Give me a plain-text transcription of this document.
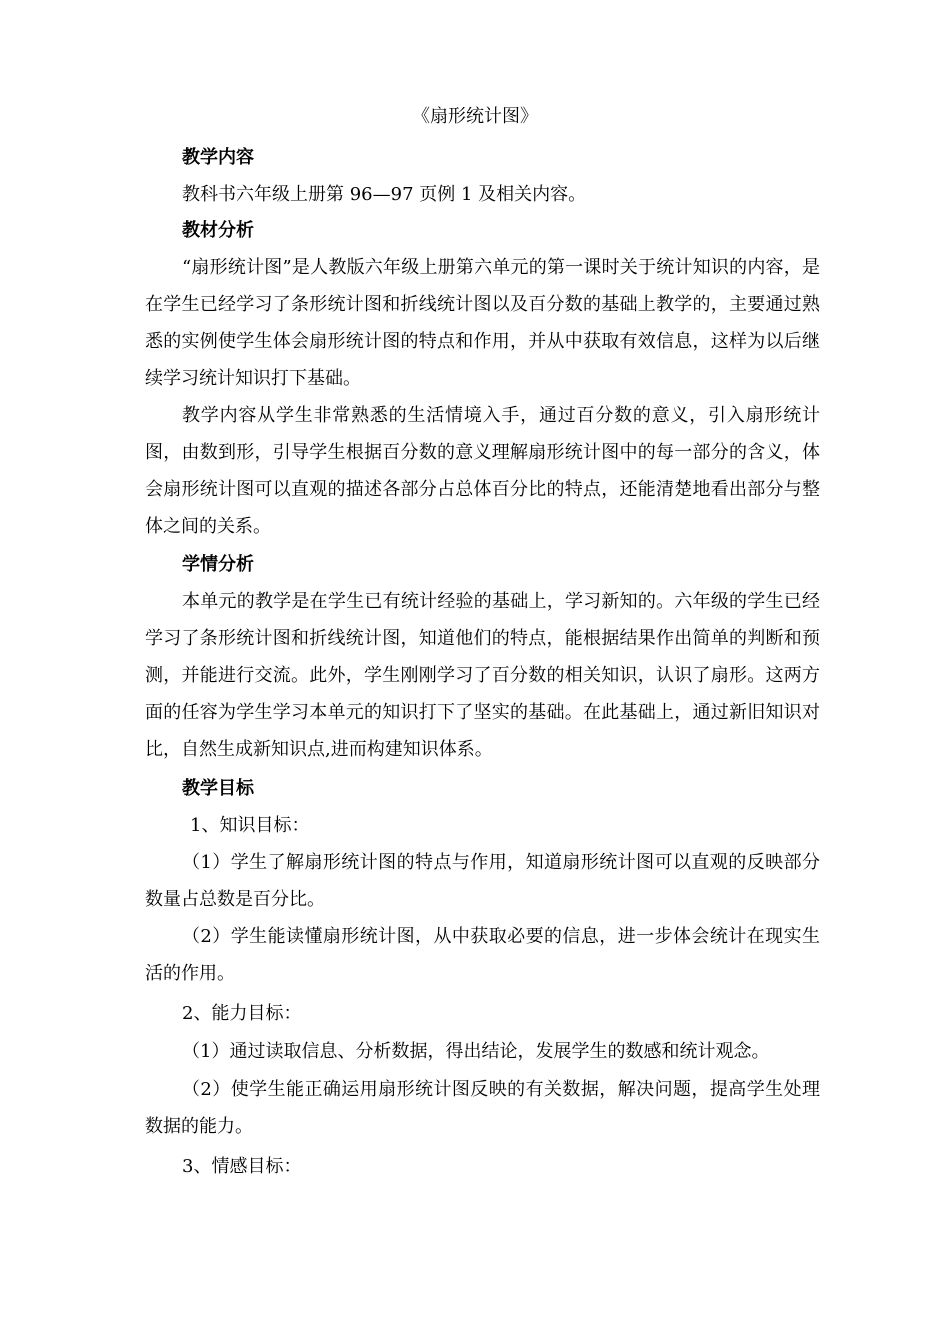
《扇形统计图》
教学内容
教科书六年级上册第 96—97 页例 1 及相关内容。
教材分析
“扇形统计图”是人教版六年级上册第六单元的第一课时关于统计知识的内容，是在学生已经学习了条形统计图和折线统计图以及百分数的基础上教学的，主要通过熟悉的实例使学生体会扇形统计图的特点和作用，并从中获取有效信息，这样为以后继续学习统计知识打下基础。
教学内容从学生非常熟悉的生活情境入手，通过百分数的意义，引入扇形统计图，由数到形，引导学生根据百分数的意义理解扇形统计图中的每一部分的含义，体会扇形统计图可以直观的描述各部分占总体百分比的特点，还能清楚地看出部分与整体之间的关系。
学情分析
本单元的教学是在学生已有统计经验的基础上，学习新知的。六年级的学生已经学习了条形统计图和折线统计图，知道他们的特点，能根据结果作出简单的判断和预测，并能进行交流。此外，学生刚刚学习了百分数的相关知识，认识了扇形。这两方面的任容为学生学习本单元的知识打下了坚实的基础。在此基础上，通过新旧知识对比，自然生成新知识点,进而构建知识体系。
教学目标
1、知识目标：
（1）学生了解扇形统计图的特点与作用，知道扇形统计图可以直观的反映部分数量占总数是百分比。
（2）学生能读懂扇形统计图，从中获取必要的信息，进一步体会统计在现实生活的作用。
2、能力目标：
（1）通过读取信息、分析数据，得出结论，发展学生的数感和统计观念。
（2）使学生能正确运用扇形统计图反映的有关数据，解决问题，提高学生处理数据的能力。
3、情感目标：
